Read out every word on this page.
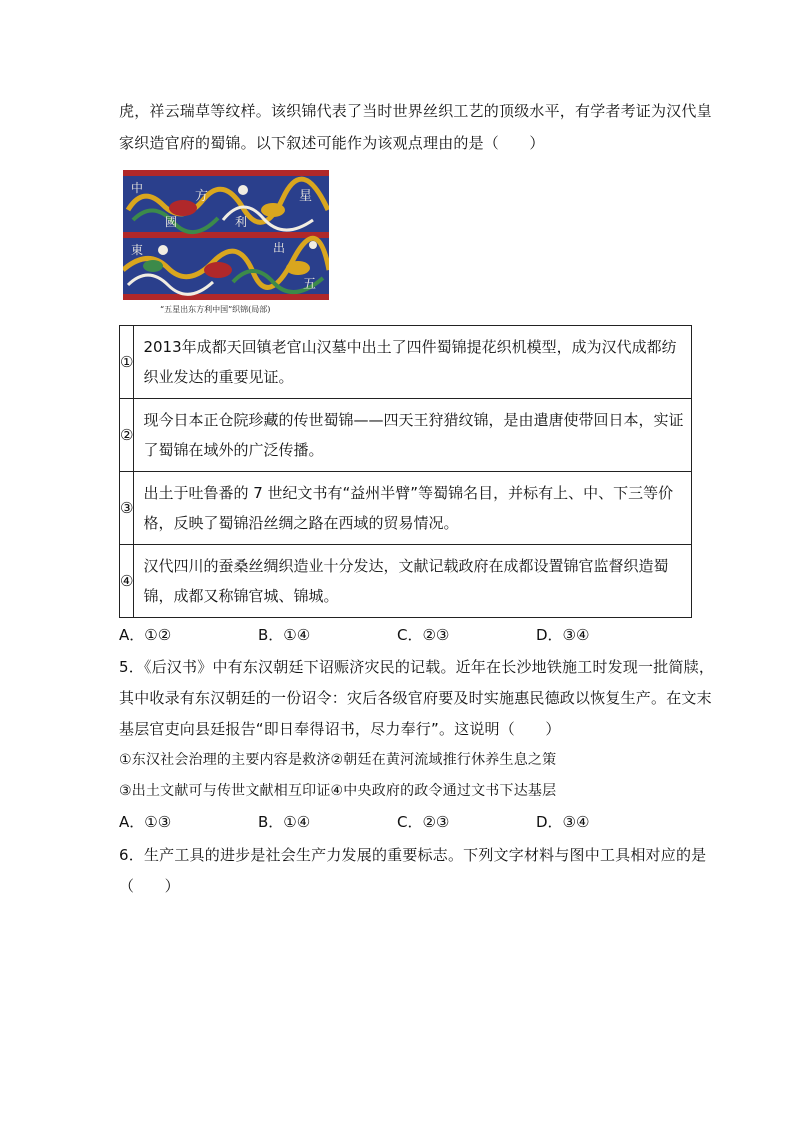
虎，祥云瑞草等纹样。该织锦代表了当时世界丝织工艺的顶级水平，有学者考证为汉代皇
家织造官府的蜀锦。以下叙述可能作为该观点理由的是（　　）
中
國
方
利
東	出
星
五
“五星出东方利中国”织锦(局部)
①	2013年成都天回镇老官山汉墓中出土了四件蜀锦提花织机模型，成为汉代成都纺
织业发达的重要见证。

②	现今日本正仓院珍藏的传世蜀锦——四天王狩猎纹锦，是由遣唐使带回日本，实证
了蜀锦在域外的广泛传播。

③	出土于吐鲁番的 7 世纪文书有“益州半臂”等蜀锦名目，并标有上、中、下三等价
格，反映了蜀锦沿丝绸之路在西域的贸易情况。

④	汉代四川的蚕桑丝绸织造业十分发达，文献记载政府在成都设置锦官监督织造蜀
锦，成都又称锦官城、锦城。
A．①②	B．①④	C．②③	D．③④
5．《后汉书》中有东汉朝廷下诏赈济灾民的记载。近年在长沙地铁施工时发现一批简牍，
其中收录有东汉朝廷的一份诏令：灾后各级官府要及时实施惠民德政以恢复生产。在文末
基层官吏向县廷报告“即日奉得诏书，尽力奉行”。这说明（　　）
①东汉社会治理的主要内容是救济②朝廷在黄河流域推行休养生息之策
③出土文献可与传世文献相互印证④中央政府的政令通过文书下达基层
A．①③	B．①④	C．②③	D．③④
6．生产工具的进步是社会生产力发展的重要标志。下列文字材料与图中工具相对应的是
（　　）
